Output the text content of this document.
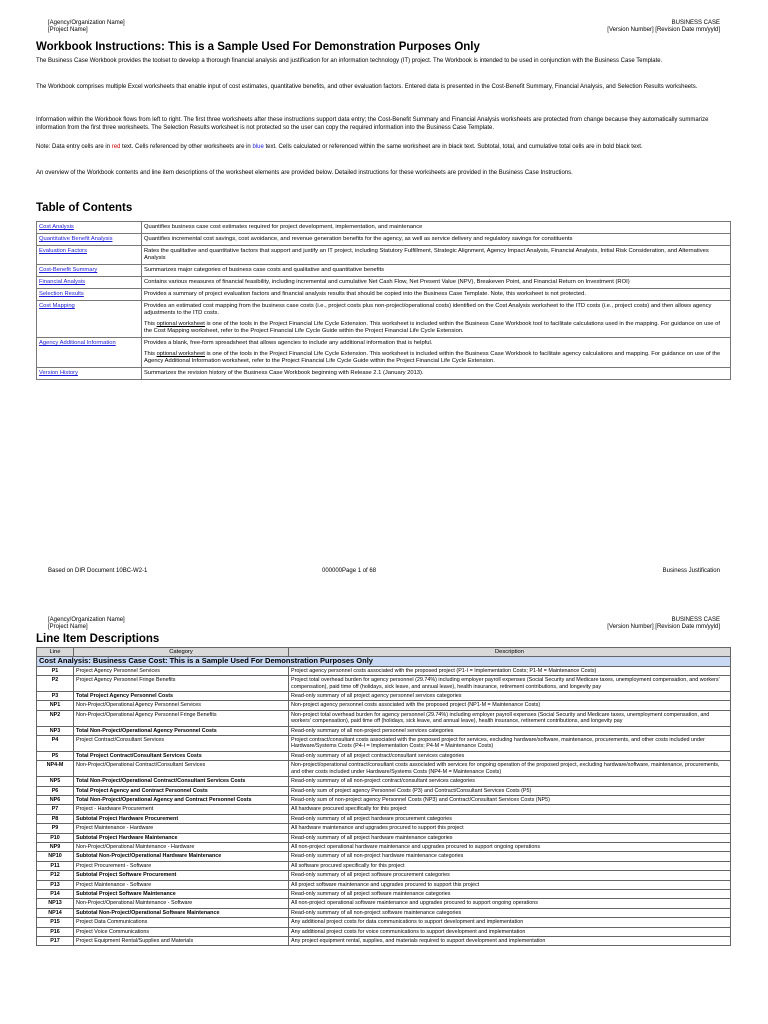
[Agency/Organization Name]
[Project Name]
BUSINESS CASE
[Version Number] [Revision Date mm/yyld]
Workbook Instructions: This is a Sample Used For Demonstration Purposes Only
The Business Case Workbook provides the toolset to develop a thorough financial analysis and justification for an information technology (IT) project. The Workbook is intended to be used in conjunction with the Business Case Template.
The Workbook comprises multiple Excel worksheets that enable input of cost estimates, quantitative benefits, and other evaluation factors. Entered data is presented in the Cost-Benefit Summary, Financial Analysis, and Selection Results worksheets.
Information within the Workbook flows from left to right. The first three worksheets after these instructions support data entry; the Cost-Benefit Summary and Financial Analysis worksheets are protected from change because they automatically summarize information from the first three worksheets. The Selection Results worksheet is not protected so the user can copy the required information into the Business Case Template.
Note: Data entry cells are in red text. Cells referenced by other worksheets are in blue text. Cells calculated or referenced within the same worksheet are in black text. Subtotal, total, and cumulative total cells are in bold black text.
An overview of the Workbook contents and line item descriptions of the worksheet elements are provided below. Detailed instructions for these worksheets are provided in the Business Case Instructions.
Table of Contents
Cost Analysis	Quantifies business case cost estimates required for project development, implementation, and maintenance

Quantitative Benefit Analysis	Quantifies incremental cost savings, cost avoidance, and revenue generation benefits for the agency, as well as service delivery and regulatory savings for constituents

Evaluation Factors	Rates the qualitative and quantitative factors that support and justify an IT project, including Statutory Fulfillment, Strategic Alignment, Agency Impact Analysis, Financial Analysis, Initial Risk Consideration, and Alternatives Analysis

Cost-Benefit Summary	Summarizes major categories of business case costs and qualitative and quantitative benefits

Financial Analysis	Contains various measures of financial feasibility, including incremental and cumulative Net Cash Flow, Net Present Value (NPV), Breakeven Point, and Financial Return on Investment (ROI)

Selection Results	Provides a summary of project evaluation factors and financial analysis results that should be copied into the Business Case Template. Note, this worksheet is not protected.

Cost Mapping	Provides an estimated cost mapping from the business case costs (i.e., project costs plus non-project/operational costs) identified on the Cost Analysis worksheet to the ITD costs (i.e., project costs) and then allows agency adjustments to the ITD costs.
This optional worksheet is one of the tools in the Project Financial Life Cycle Extension. This worksheet is included within the Business Case Workbook tool to facilitate calculations used in the mapping. For guidance on use of the Cost Mapping worksheet, refer to the Project Financial Life Cycle Guide within the Project Financial Life Cycle Extension.

Agency Additional Information	Provides a blank, free-form spreadsheet that allows agencies to include any additional information that is helpful.
This optional worksheet is one of the tools in the Project Financial Life Cycle Extension. This worksheet is included within the Business Case Workbook to facilitate agency calculations and mapping. For guidance on use of the Agency Additional Information worksheet, refer to the Project Financial Life Cycle Guide within the Project Financial Life Cycle Extension.

Version History	Summarizes the revision history of the Business Case Workbook beginning with Release 2.1 (January 2013).
Based on DIR Document 10BC-W2-1	000000Page 1 of 68	Business Justification
[Agency/Organization Name]
[Project Name]
BUSINESS CASE
[Version Number] [Revision Date mm/yyld]
Line Item Descriptions
Line	Category	Description
Cost Analysis: Business Case Cost: This is a Sample Used For Demonstration Purposes Only		
P1	Project Agency Personnel Services	Project agency personnel costs associated with the proposed project (P1-I = Implementation Costs; P1-M = Maintenance Costs)
P2	Project Agency Personnel Fringe Benefits	Project total overhead burden for agency personnel (29.74%) including employer payroll expenses (Social Security and Medicare taxes, unemployment compensation, and workers' compensation), paid time off (holidays, sick leave, and annual leave), health insurance, retirement contributions, and longevity pay
P3	Total Project Agency Personnel Costs	Read-only summary of all project agency personnel services categories
NP1	Non-Project/Operational Agency Personnel Services	Non-project agency personnel costs associated with the proposed project (NP1-M = Maintenance Costs)
NP2	Non-Project/Operational Agency Personnel Fringe Benefits	Non-project total overhead burden for agency personnel (29.74%) including employer payroll expenses (Social Security and Medicare taxes, unemployment compensation, and workers' compensation), paid time off (holidays, sick leave, and annual leave), health insurance, retirement contributions, and longevity pay
NP3	Total Non-Project/Operational Agency Personnel Costs	Read-only summary of all non-project personnel services categories
P4	Project Contract/Consultant Services	Project contract/consultant costs associated with the proposed project for services, excluding hardware/software, maintenance, procurements, and other costs included under Hardware/Systems Costs (P4-I = Implementation Costs; P4-M = Maintenance Costs)
P5	Total Project Contract/Consultant Services Costs	Read-only summary of all project contract/consultant services categories
NP4-M	Non-Project/Operational Contract/Consultant Services	Non-project/operational contract/consultant costs associated with services for ongoing operation of the proposed project, excluding hardware/software, maintenance, procurements, and other costs included under Hardware/Systems Costs (NP4-M = Maintenance Costs)
NP5	Total Non-Project/Operational Contract/Consultant Services Costs	Read-only summary of all non-project contract/consultant services categories
P6	Total Project Agency and Contract Personnel Costs	Read-only sum of project agency Personnel Costs (P3) and Contract/Consultant Services Costs (P5)
NP6	Total Non-Project/Operational Agency and Contract Personnel Costs	Read-only sum of non-project agency Personnel Costs (NP3) and Contract/Consultant Services Costs (NP5)
P7	Project - Hardware Procurement	All hardware procured specifically for this project
P8	Subtotal Project Hardware Procurement	Read-only summary of all project hardware procurement categories
P9	Project Maintenance - Hardware	All hardware maintenance and upgrades procured to support this project
P10	Subtotal Project Hardware Maintenance	Read-only summary of all project hardware maintenance categories
NP9	Non-Project/Operational Maintenance - Hardware	All non-project operational hardware maintenance and upgrades procured to support ongoing operations
NP10	Subtotal Non-Project/Operational Hardware Maintenance	Read-only summary of all non-project hardware maintenance categories
P11	Project Procurement - Software	All software procured specifically for this project
P12	Subtotal Project Software Procurement	Read-only summary of all project software procurement categories
P13	Project Maintenance - Software	All project software maintenance and upgrades procured to support this project
P14	Subtotal Project Software Maintenance	Read-only summary of all project software maintenance categories
NP13	Non-Project/Operational Maintenance - Software	All non-project operational software maintenance and upgrades procured to support ongoing operations
NP14	Subtotal Non-Project/Operational Software Maintenance	Read-only summary of all non-project software maintenance categories
P15	Project Data Communications	Any additional project costs for data communications to support development and implementation
P16	Project Voice Communications	Any additional project costs for voice communications to support development and implementation
P17	Project Equipment Rental/Supplies and Materials	Any project equipment rental, supplies, and materials required to support development and implementation
